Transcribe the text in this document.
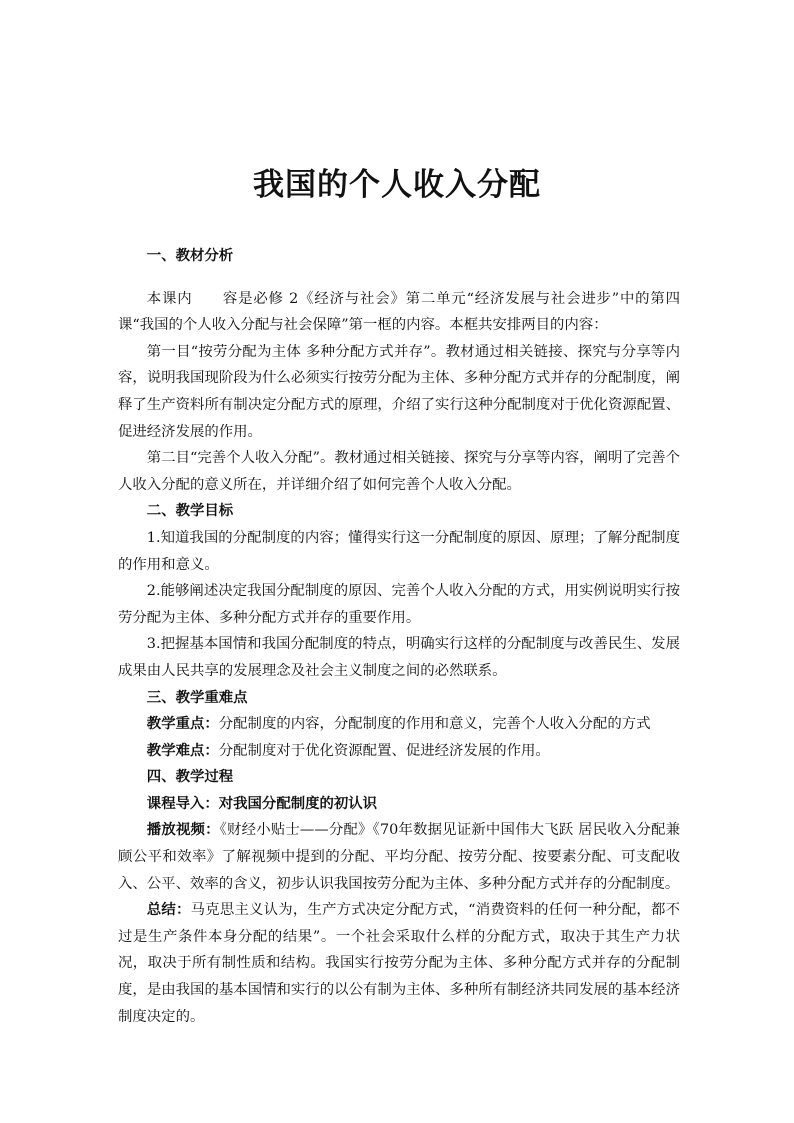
我国的个人收入分配

一、教材分析

本课内　　容是必修 2《经济与社会》第二单元“经济发展与社会进步”中的第四课“我国的个人收入分配与社会保障”第一框的内容。本框共安排两目的内容：

第一目“按劳分配为主体 多种分配方式并存”。教材通过相关链接、探究与分享等内容，说明我国现阶段为什么必须实行按劳分配为主体、多种分配方式并存的分配制度，阐释了生产资料所有制决定分配方式的原理，介绍了实行这种分配制度对于优化资源配置、促进经济发展的作用。

第二目“完善个人收入分配”。教材通过相关链接、探究与分享等内容，阐明了完善个人收入分配的意义所在，并详细介绍了如何完善个人收入分配。

二、教学目标

1.知道我国的分配制度的内容；懂得实行这一分配制度的原因、原理；了解分配制度的作用和意义。

2.能够阐述决定我国分配制度的原因、完善个人收入分配的方式，用实例说明实行按劳分配为主体、多种分配方式并存的重要作用。

3.把握基本国情和我国分配制度的特点，明确实行这样的分配制度与改善民生、发展成果由人民共享的发展理念及社会主义制度之间的必然联系。

三、教学重难点

教学重点：分配制度的内容，分配制度的作用和意义，完善个人收入分配的方式

教学难点：分配制度对于优化资源配置、促进经济发展的作用。

四、教学过程

课程导入：对我国分配制度的初认识

播放视频：《财经小贴士——分配》《70年数据见证新中国伟大飞跃 居民收入分配兼顾公平和效率》了解视频中提到的分配、平均分配、按劳分配、按要素分配、可支配收入、公平、效率的含义，初步认识我国按劳分配为主体、多种分配方式并存的分配制度。

总结：马克思主义认为，生产方式决定分配方式，“消费资料的任何一种分配，都不过是生产条件本身分配的结果”。一个社会采取什么样的分配方式，取决于其生产力状况，取决于所有制性质和结构。我国实行按劳分配为主体、多种分配方式并存的分配制度，是由我国的基本国情和实行的以公有制为主体、多种所有制经济共同发展的基本经济制度决定的。
